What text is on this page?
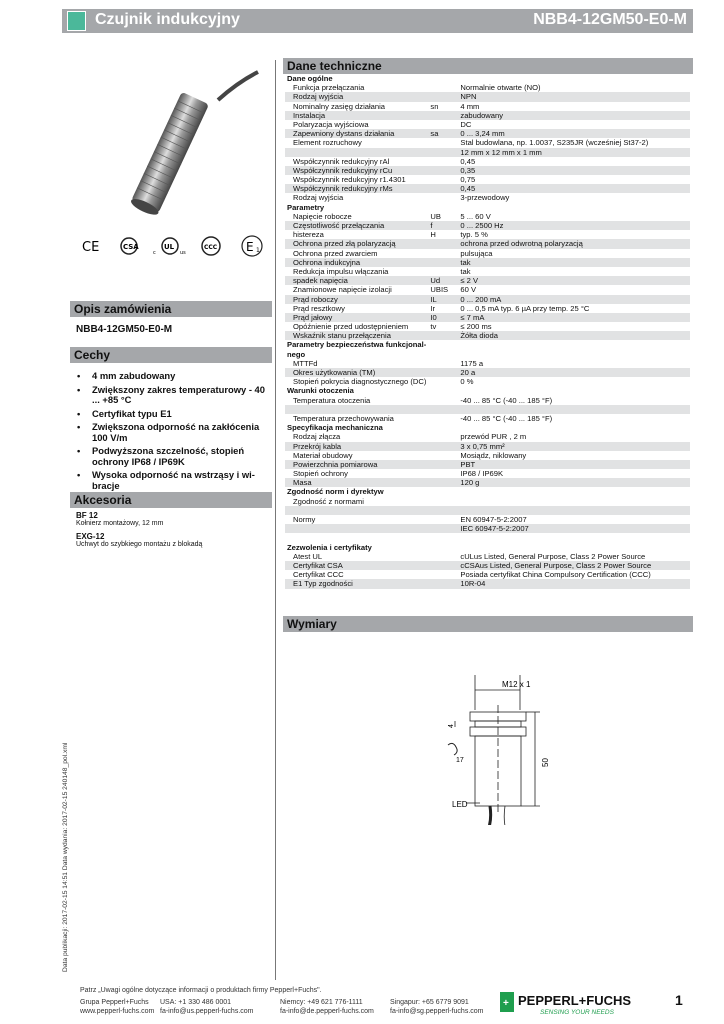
Czujnik indukcyjny	NBB4-12GM50-E0-M
CE	CSA
c
UL
us
CCC E 1
Opis zamówienia
NBB4-12GM50-E0-M
Cechy
• 4 mm zabudowany
• Zwiększony zakres temperaturowy - 40 ... +85 °C
• Certyfikat typu E1
• Zwiększona odporność na zakłócenia 100 V/m
• Podwyższona szczelność, stopień ochrony IP68 / IP69K
• Wysoka odporność na wstrząsy i wi-bracje
Akcesoria
BF 12
Kołnierz montażowy, 12 mm
EXG-12
Uchwyt do szybkiego montażu z blokadą
Dane techniczne
Dane ogólne		
Funkcja przełączania		Normalnie otwarte (NO)
Rodzaj wyjścia		NPN
Nominalny zasięg działania	sn	4 mm
Instalacja		zabudowany
Polaryzacja wyjściowa		DC
Zapewniony dystans działania	sa	0 ... 3,24 mm
Element rozruchowy		Stal budowlana, np. 1.0037, S235JR (wcześniej St37-2)
		12 mm x 12 mm x 1 mm
Współczynnik redukcyjny rAl		0,45
Współczynnik redukcyjny rCu		0,35
Współczynnik redukcyjny r1.4301		0,75
Współczynnik redukcyjny rMs		0,45
Rodzaj wyjścia		3-przewodowy
Parametry		
Napięcie robocze	UB	5 ... 60 V
Częstotliwość przełączania	f	0 ... 2500 Hz
histereza	H	typ. 5 %
Ochrona przed złą polaryzacją		ochrona przed odwrotną polaryzacją
Ochrona przed zwarciem		pulsująca
Ochrona indukcyjna		tak
Redukcja impulsu włączania		tak
spadek napięcia	Ud	≤ 2 V
Znamionowe napięcie izolacji	UBIS	60 V
Prąd roboczy	IL	0 ... 200 mA
Prąd resztkowy	Ir	0 ... 0,5 mA typ. 6 µA przy temp. 25 °C
Prąd jałowy	I0	≤ 7 mA
Opóźnienie przed udostępnieniem	tv	≤ 200 ms
Wskaźnik stanu przełączenia		Żółta dioda
Parametry bezpieczeństwa funkcjonal-		
nego		
MTTFd		1175 a
Okres użytkowania (TM)		20 a
Stopień pokrycia diagnostycznego (DC)		0 %
Warunki otoczenia		
Temperatura otoczenia		-40 ... 85 °C (-40 ... 185 °F)

Temperatura przechowywania		-40 ... 85 °C (-40 ... 185 °F)
Specyfikacja mechaniczna		
Rodzaj złącza		przewód PUR , 2 m
Przekrój kabla		3 x 0,75 mm²
Materiał obudowy		Mosiądz, niklowany
Powierzchnia pomiarowa		PBT
Stopień ochrony		IP68 / IP69K
Masa		120 g
Zgodność norm i dyrektyw		
Zgodność z normami		

Normy		EN 60947-5-2:2007
		IEC 60947-5-2:2007

Zezwolenia i certyfikaty		
Atest UL		cULus Listed, General Purpose, Class 2 Power Source
Certyfikat CSA		cCSAus Listed, General Purpose, Class 2 Power Source
Certyfikat CCC		Posiada certyfikat China Compulsory Certification (CCC)
E1 Typ zgodności		10R-04
Wymiary
M12 x 1
50
4
17
LED
Data publikacji: 2017-02-15 14:51 Data wydania: 2017-02-15 240148_pol.xml
Patrz „Uwagi ogólne dotyczące informacji o produktach firmy Pepperl+Fuchs".
Grupa Pepperl+Fuchs
www.pepperl-fuchs.com
USA: +1 330 486 0001
fa-info@us.pepperl-fuchs.com
Niemcy: +49 621 776-1111
fa-info@de.pepperl-fuchs.com
Singapur: +65 6779 9091
fa-info@sg.pepperl-fuchs.com
+ PEPPERL+FUCHS
SENSING YOUR NEEDS
1
